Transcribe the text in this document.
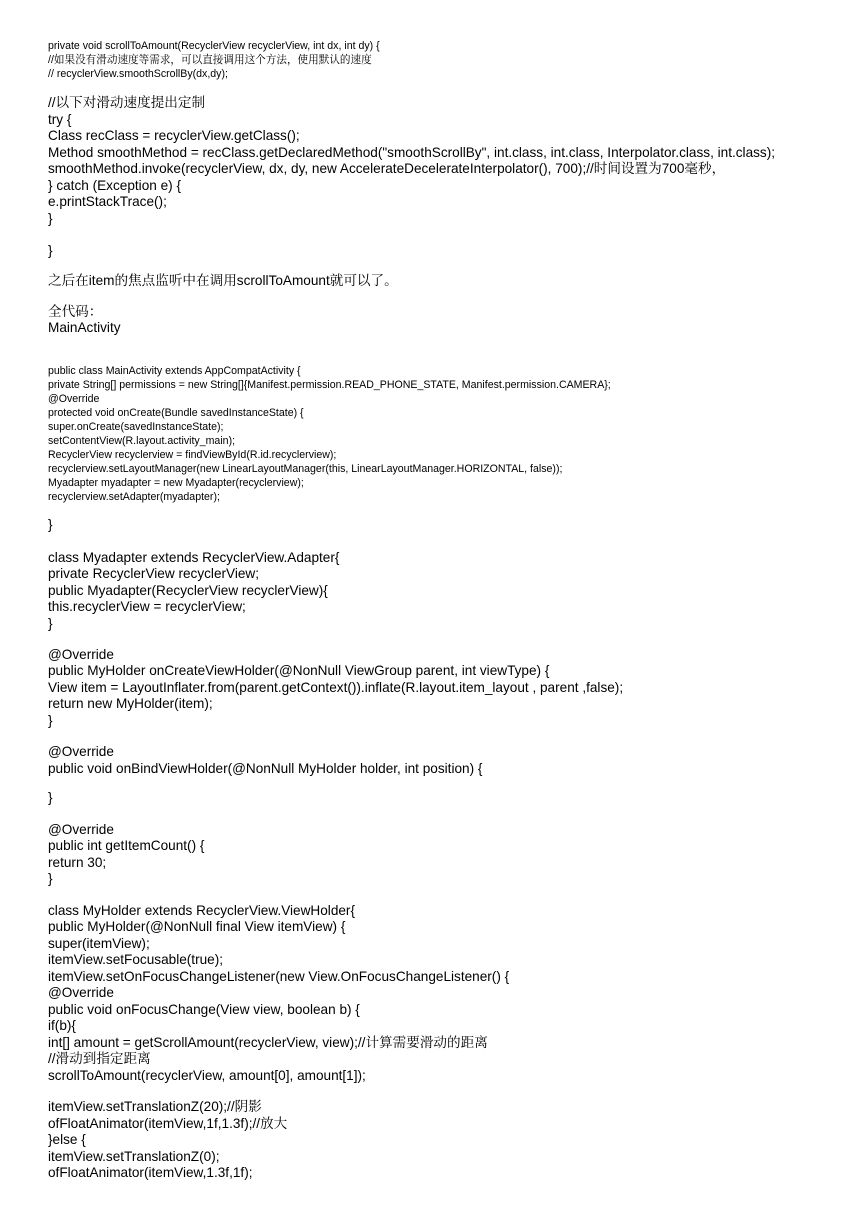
private void scrollToAmount(RecyclerView recyclerView, int dx, int dy) {
//如果没有滑动速度等需求，可以直接调用这个方法，使用默认的速度
// recyclerView.smoothScrollBy(dx,dy);
//以下对滑动速度提出定制
try {
Class recClass = recyclerView.getClass();
Method smoothMethod = recClass.getDeclaredMethod("smoothScrollBy", int.class, int.class, Interpolator.class, int.class);
smoothMethod.invoke(recyclerView, dx, dy, new AccelerateDecelerateInterpolator(), 700);//时间设置为700毫秒，
} catch (Exception e) {
e.printStackTrace();
}
}
之后在item的焦点监听中在调用scrollToAmount就可以了。
全代码：
MainActivity
public class MainActivity extends AppCompatActivity {
private String[] permissions = new String[]{Manifest.permission.READ_PHONE_STATE, Manifest.permission.CAMERA};
@Override
protected void onCreate(Bundle savedInstanceState) {
super.onCreate(savedInstanceState);
setContentView(R.layout.activity_main);
RecyclerView recyclerview = findViewById(R.id.recyclerview);
recyclerview.setLayoutManager(new LinearLayoutManager(this, LinearLayoutManager.HORIZONTAL, false));
Myadapter myadapter = new Myadapter(recyclerview);
recyclerview.setAdapter(myadapter);
}
class Myadapter extends RecyclerView.Adapter{
private RecyclerView recyclerView;
public Myadapter(RecyclerView recyclerView){
this.recyclerView = recyclerView;
}
@Override
public MyHolder onCreateViewHolder(@NonNull ViewGroup parent, int viewType) {
View item = LayoutInflater.from(parent.getContext()).inflate(R.layout.item_layout , parent ,false);
return new MyHolder(item);
}
@Override
public void onBindViewHolder(@NonNull MyHolder holder, int position) {
}
@Override
public int getItemCount() {
return 30;
}
class MyHolder extends RecyclerView.ViewHolder{
public MyHolder(@NonNull final View itemView) {
super(itemView);
itemView.setFocusable(true);
itemView.setOnFocusChangeListener(new View.OnFocusChangeListener() {
@Override
public void onFocusChange(View view, boolean b) {
if(b){
int[] amount = getScrollAmount(recyclerView, view);//计算需要滑动的距离
//滑动到指定距离
scrollToAmount(recyclerView, amount[0], amount[1]);
itemView.setTranslationZ(20);//阴影
ofFloatAnimator(itemView,1f,1.3f);//放大
}else {
itemView.setTranslationZ(0);
ofFloatAnimator(itemView,1.3f,1f);
